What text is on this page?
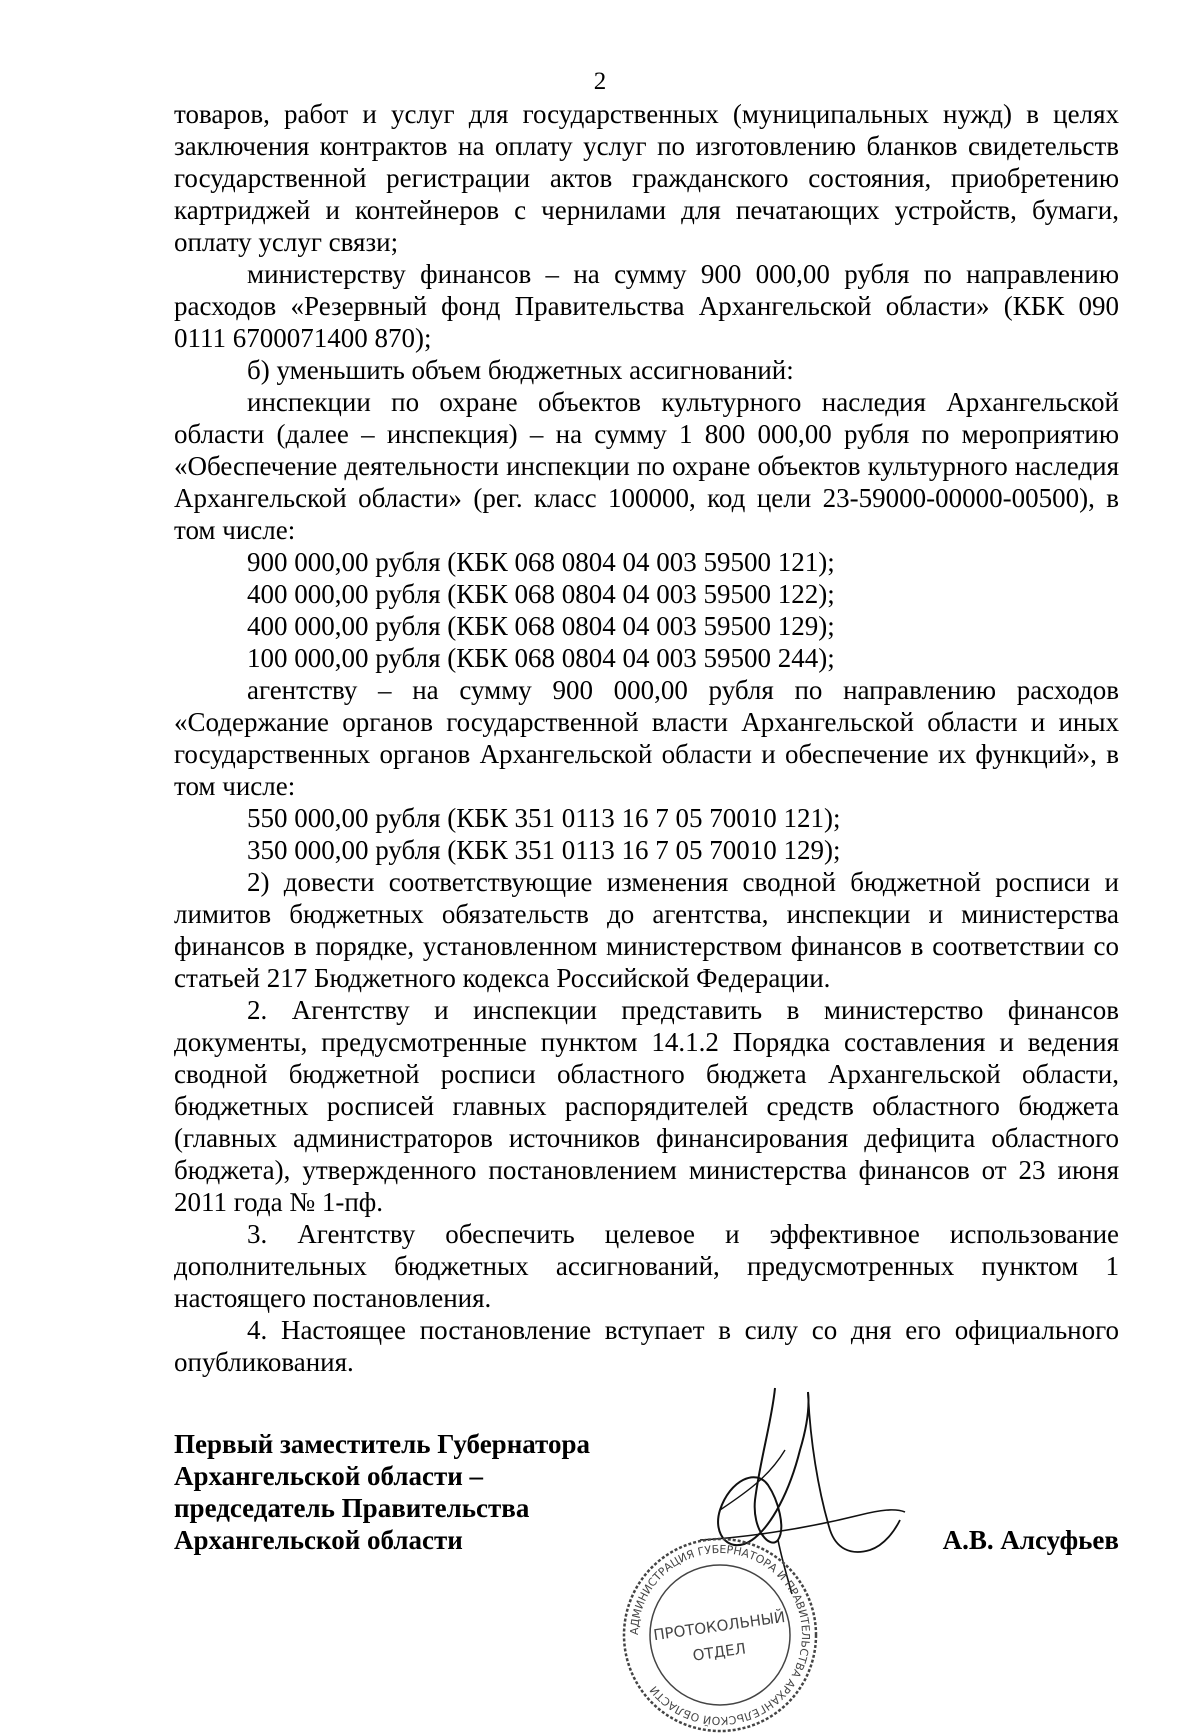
2

товаров, работ и услуг для государственных (муниципальных нужд) в целях заключения контрактов на оплату услуг по изготовлению бланков свидетельств государственной регистрации актов гражданского состояния, приобретению картриджей и контейнеров с чернилами для печатающих устройств, бумаги, оплату услуг связи;

министерству финансов – на сумму 900 000,00 рубля по направлению расходов «Резервный фонд Правительства Архангельской области» (КБК 090 0111 6700071400 870);

б) уменьшить объем бюджетных ассигнований:

инспекции по охране объектов культурного наследия Архангельской области (далее – инспекция) – на сумму 1 800 000,00 рубля по мероприятию «Обеспечение деятельности инспекции по охране объектов культурного наследия Архангельской области» (рег. класс 100000, код цели 23-59000-00000-00500), в том числе:

900 000,00 рубля (КБК 068 0804 04 003 59500 121);

400 000,00 рубля (КБК 068 0804 04 003 59500 122);

400 000,00 рубля (КБК 068 0804 04 003 59500 129);

100 000,00 рубля (КБК 068 0804 04 003 59500 244);

агентству – на сумму 900 000,00 рубля по направлению расходов «Содержание органов государственной власти Архангельской области и иных государственных органов Архангельской области и обеспечение их функций», в том числе:

550 000,00 рубля (КБК 351 0113 16 7 05 70010 121);

350 000,00 рубля (КБК 351 0113 16 7 05 70010 129);

2) довести соответствующие изменения сводной бюджетной росписи и лимитов бюджетных обязательств до агентства, инспекции и министерства финансов в порядке, установленном министерством финансов в соответствии со статьей 217 Бюджетного кодекса Российской Федерации.

2. Агентству и инспекции представить в министерство финансов документы, предусмотренные пунктом 14.1.2 Порядка составления и ведения сводной бюджетной росписи областного бюджета Архангельской области, бюджетных росписей главных распорядителей средств областного бюджета (главных администраторов источников финансирования дефицита областного бюджета), утвержденного постановлением министерства финансов от 23 июня 2011 года № 1-пф.

3. Агентству обеспечить целевое и эффективное использование дополнительных бюджетных ассигнований, предусмотренных пунктом 1 настоящего постановления.

4. Настоящее постановление вступает в силу со дня его официального опубликования.

Первый заместитель Губернатора
Архангельской области –
председатель Правительства
Архангельской области	А.В. Алсуфьев
АДМИНИСТРАЦИЯ ГУБЕРНАТОРА И ПРАВИТЕЛЬСТВА АРХАНГЕЛЬСКОЙ ОБЛАСТИ
ПРОТОКОЛЬНЫЙ
ОТДЕЛ
